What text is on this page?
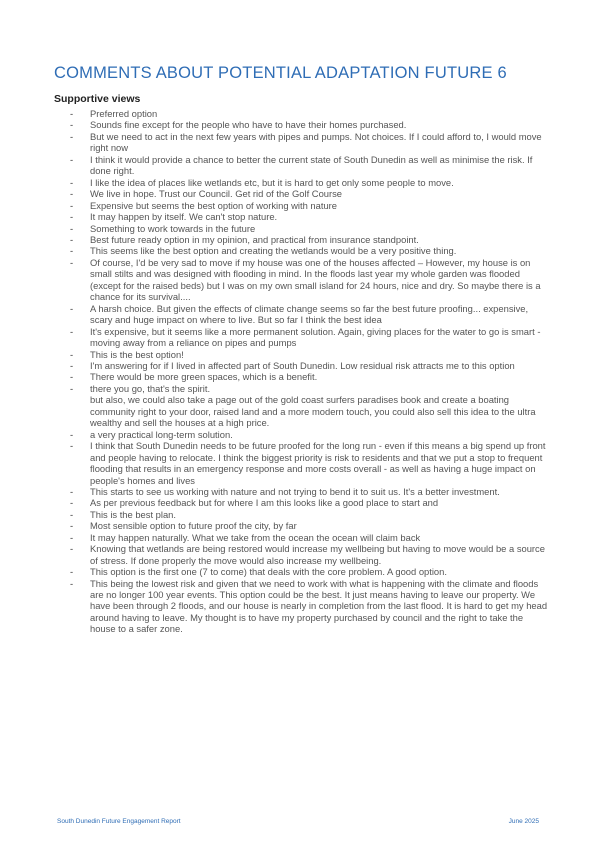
COMMENTS ABOUT POTENTIAL ADAPTATION FUTURE 6
Supportive views
-	Preferred option
-	Sounds fine except for the people who have to have their homes purchased.
-	But we need to act in the next few years with pipes and pumps. Not choices. If I could afford to, I would move right now
-	I think it would provide a chance to better the current state of South Dunedin as well as minimise the risk. If done right.
-	I like the idea of places like wetlands etc, but it is hard to get only some people to move.
-	We live in hope. Trust our Council. Get rid of the Golf Course
-	Expensive but seems the best option of working with nature
-	It may happen by itself. We can't stop nature.
-	Something to work towards in the future
-	Best future ready option in my opinion, and practical from insurance standpoint.
-	This seems like the best option and creating the wetlands would be a very positive thing.
-	Of course, I'd be very sad to move if my house was one of the houses affected – However, my house is on small stilts and was designed with flooding in mind. In the floods last year my whole garden was flooded (except for the raised beds) but I was on my own small island for 24 hours, nice and dry. So maybe there is a chance for its survival....
-	A harsh choice. But given the effects of climate change seems so far the best future proofing... expensive, scary and huge impact on where to live. But so far I think the best idea
-	It's expensive, but it seems like a more permanent solution. Again, giving places for the water to go is smart - moving away from a reliance on pipes and pumps
-	This is the best option!
-	I'm answering for if I lived in affected part of South Dunedin. Low residual risk attracts me to this option
-	There would be more green spaces, which is a benefit.
-	there you go, that's the spirit.
but also, we could also take a page out of the gold coast surfers paradises book and create a boating community right to your door, raised land and a more modern touch, you could also sell this idea to the ultra wealthy and sell the houses at a high price.
-	a very practical long-term solution.
-	I think that South Dunedin needs to be future proofed for the long run - even if this means a big spend up front and people having to relocate. I think the biggest priority is risk to residents and that we put a stop to frequent flooding that results in an emergency response and more costs overall - as well as having a huge impact on people's homes and lives
-	This starts to see us working with nature and not trying to bend it to suit us. It's a better investment.
-	As per previous feedback but for where I am this looks like a good place to start and
-	This is the best plan.
-	Most sensible option to future proof the city, by far
-	It may happen naturally. What we take from the ocean the ocean will claim back
-	Knowing that wetlands are being restored would increase my wellbeing but having to move would be a source of stress. If done properly the move would also increase my wellbeing.
-	This option is the first one (7 to come) that deals with the core problem. A good option.
-	This being the lowest risk and given that we need to work with what is happening with the climate and floods are no longer 100 year events. This option could be the best. It just means having to leave our property. We have been through 2 floods, and our house is nearly in completion from the last flood. It is hard to get my head around having to leave. My thought is to have my property purchased by council and the right to take the house to a safer zone.
South Dunedin Future Engagement Report	June 2025
